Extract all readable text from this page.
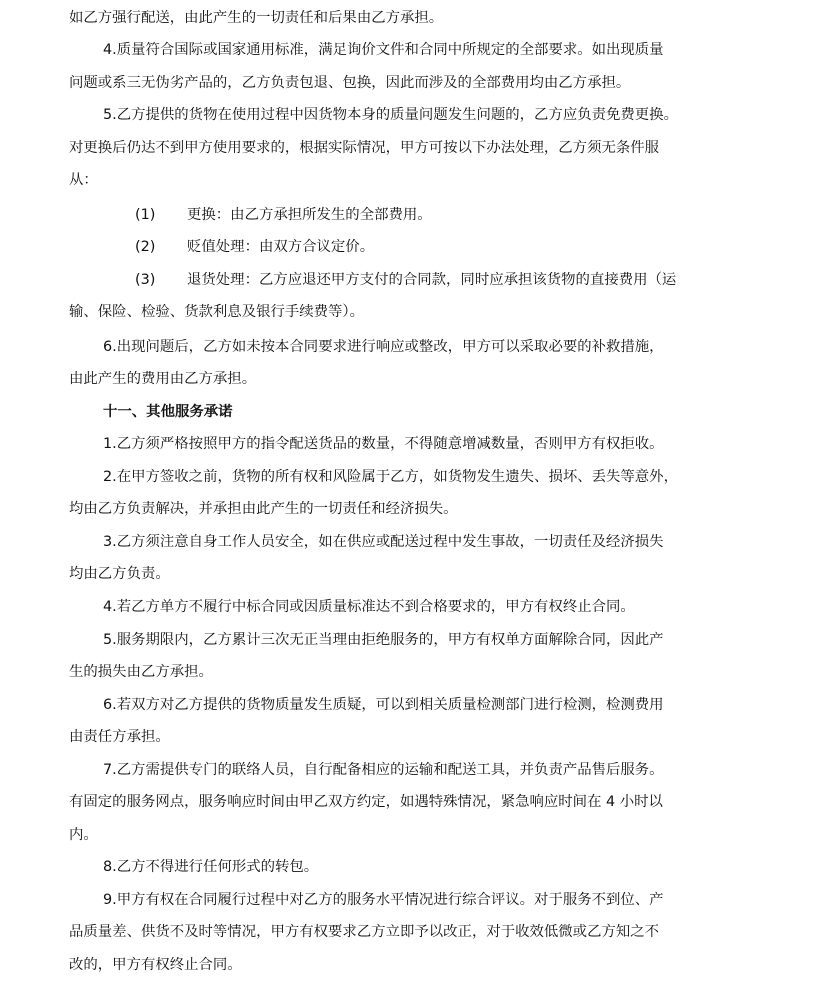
如乙方强行配送，由此产生的一切责任和后果由乙方承担。
4.质量符合国际或国家通用标准，满足询价文件和合同中所规定的全部要求。如出现质量
问题或系三无伪劣产品的，乙方负责包退、包换，因此而涉及的全部费用均由乙方承担。
5.乙方提供的货物在使用过程中因货物本身的质量问题发生问题的，乙方应负责免费更换。
对更换后仍达不到甲方使用要求的，根据实际情况，甲方可按以下办法处理，乙方须无条件服
从：
(1) 更换：由乙方承担所发生的全部费用。
(2) 贬值处理：由双方合议定价。
(3) 退货处理：乙方应退还甲方支付的合同款，同时应承担该货物的直接费用（运
输、保险、检验、货款利息及银行手续费等）。
6.出现问题后，乙方如未按本合同要求进行响应或整改，甲方可以采取必要的补救措施，
由此产生的费用由乙方承担。
十一、其他服务承诺
1.乙方须严格按照甲方的指令配送货品的数量，不得随意增减数量，否则甲方有权拒收。
2.在甲方签收之前，货物的所有权和风险属于乙方，如货物发生遗失、损坏、丢失等意外，
均由乙方负责解决，并承担由此产生的一切责任和经济损失。
3.乙方须注意自身工作人员安全，如在供应或配送过程中发生事故，一切责任及经济损失
均由乙方负责。
4.若乙方单方不履行中标合同或因质量标准达不到合格要求的，甲方有权终止合同。
5.服务期限内，乙方累计三次无正当理由拒绝服务的，甲方有权单方面解除合同，因此产
生的损失由乙方承担。
6.若双方对乙方提供的货物质量发生质疑，可以到相关质量检测部门进行检测，检测费用
由责任方承担。
7.乙方需提供专门的联络人员，自行配备相应的运输和配送工具，并负责产品售后服务。
有固定的服务网点，服务响应时间由甲乙双方约定，如遇特殊情况，紧急响应时间在 4 小时以
内。
8.乙方不得进行任何形式的转包。
9.甲方有权在合同履行过程中对乙方的服务水平情况进行综合评议。对于服务不到位、产
品质量差、供货不及时等情况，甲方有权要求乙方立即予以改正，对于收效低微或乙方知之不
改的，甲方有权终止合同。
